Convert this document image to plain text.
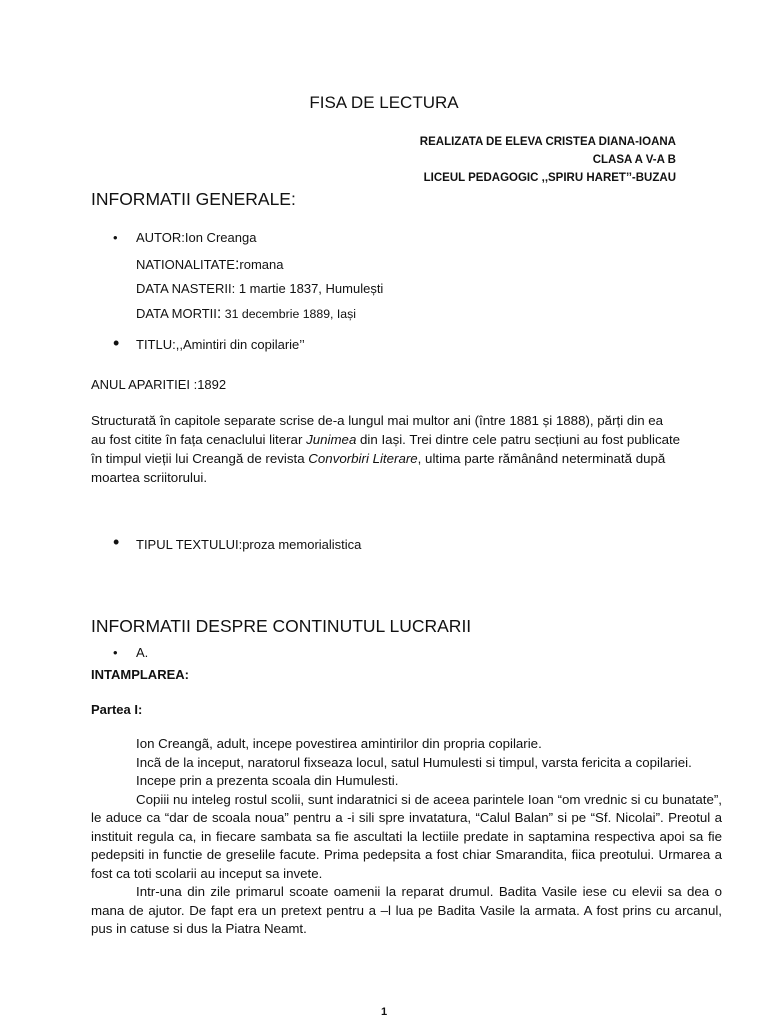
FISA DE LECTURA
REALIZATA DE ELEVA CRISTEA DIANA-IOANA
CLASA A V-A B
LICEUL PEDAGOGIC ,,SPIRU HARET’’-BUZAU
INFORMATII GENERALE:
• AUTOR:Ion Creanga
NATIONALITATE:romana
DATA NASTERII: 1 martie 1837, Humulești
DATA MORTII: 31 decembrie 1889, Iași
• TITLU:,,Amintiri din copilarie’’
ANUL APARITIEI :1892
Structurată în capitole separate scrise de-a lungul mai multor ani (între 1881 și 1888), părți din ea au fost citite în fața cenaclului literar Junimea din Iași. Trei dintre cele patru secțiuni au fost publicate în timpul vieții lui Creangă de revista Convorbiri Literare, ultima parte rămânând neterminată după moartea scriitorului.
• TIPUL TEXTULUI:proza memorialistica
INFORMATII DESPRE CONTINUTUL LUCRARII
• A.
INTAMPLAREA:
Partea I:

Ion Creangã, adult, incepe povestirea amintirilor din propria copilarie.

Incã de la inceput, naratorul fixseaza locul, satul Humulesti si timpul, varsta fericita a copilariei.

Incepe prin a prezenta scoala din Humulesti.

Copiii nu inteleg rostul scolii, sunt indaratnici si de aceea parintele Ioan “om vrednic si cu bunatate”, le aduce ca “dar de scoala noua” pentru a -i sili spre invatatura, “Calul Balan” si pe “Sf. Nicolai”. Preotul a instituit regula ca, in fiecare sambata sa fie ascultati la lectiile predate in saptamina respectiva apoi sa fie pedepsiti in functie de greselile facute. Prima pedepsita a fost chiar Smarandita, fiica preotului. Urmarea a fost ca toti scolarii au inceput sa invete.

Intr-una din zile primarul scoate oamenii la reparat drumul. Badita Vasile iese cu elevii sa dea o mana de ajutor. De fapt era un pretext pentru a –l lua pe Badita Vasile la armata. A fost prins cu arcanul, pus in catuse si dus la Piatra Neamt.

1
